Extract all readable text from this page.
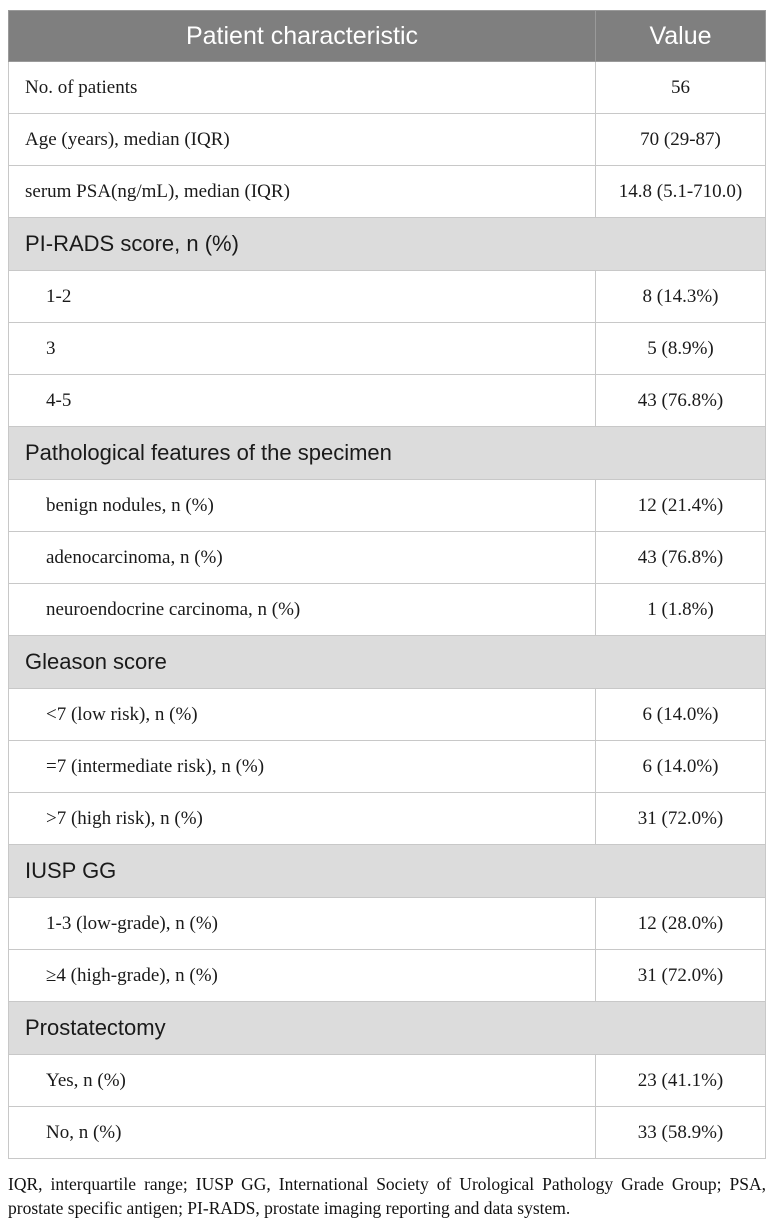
Patient characteristic	Value
No. of patients	56
Age (years), median (IQR)	70 (29-87)
serum PSA(ng/mL), median (IQR)	14.8 (5.1-710.0)
PI-RADS score, n (%)	
1-2	8 (14.3%)
3	5 (8.9%)
4-5	43 (76.8%)
Pathological features of the specimen	
benign nodules, n (%)	12 (21.4%)
adenocarcinoma, n (%)	43 (76.8%)
neuroendocrine carcinoma, n (%)	1 (1.8%)
Gleason score	
<7 (low risk), n (%)	6 (14.0%)
=7 (intermediate risk), n (%)	6 (14.0%)
>7 (high risk), n (%)	31 (72.0%)
IUSP GG	
1-3 (low-grade), n (%)	12 (28.0%)
≥4 (high-grade), n (%)	31 (72.0%)
Prostatectomy	
Yes, n (%)	23 (41.1%)
No, n (%)	33 (58.9%)
IQR, interquartile range; IUSP GG, International Society of Urological Pathology Grade Group; PSA, prostate specific antigen; PI-RADS, prostate imaging reporting and data system.
